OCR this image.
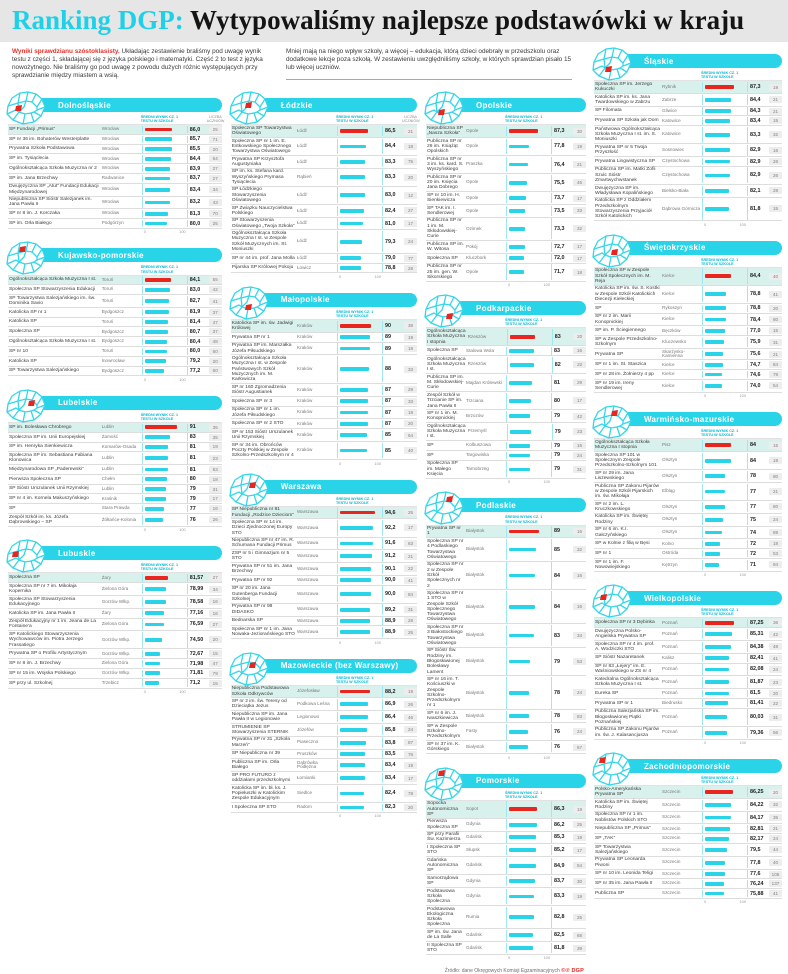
Ranking DGP: Wytypowaliśmy najlepsze podstawówki w kraju
Wyniki sprawdzianu szóstoklasisty. Układając zestawienie braliśmy pod uwagę wynik testu z części 1, składającej się z języka polskiego i matematyki. Część 2 to test z języka nowożytnego. Nie braliśmy go pod uwagę z powodu dużych różnic występujących przy sprawdzianie między miastem a wsią.
Mniej mają na niego wpływ szkoły, a więcej – edukacja, którą dzieci odebrały w przedszkolu oraz dodatkowe lekcje poza szkołą. W zestawieniu uwzględniliśmy szkoły, w których sprawdzian pisało 15 lub więcej uczniów.
Dolnośląskie
ŚREDNI WYNIK CZ. 1 TESTU W SZKOLE
LICZBA UCZNIÓW
SP Fundacji „Primus”	Wrocław	86,0	25
SP nr 36 im. Bohaterów Westerplatte	Wrocław	85,7	71
Prywatna Szkoła Podstawowa	Wrocław	85,5	20
SP im. Tysiąclecia	Wrocław	84,4	64
Ogólnokształcąca Szkoła Muzyczna nr 2	Wrocław	83,9	27
SP im. Jana Brzechwy	Radwanice	83,7	27
Dwujęzyczna SP „Atut” Fundacji Edukacji Międzynarodowej
Wrocław	83,4	34
Niepubliczna SP Sióstr Salezjanek im. Jana Pawła II
Wrocław	83,2	43
SP nr 8 im. J. Korczaka	Wrocław	81,3	70
SP im. Orła Białego	Podgórzyn	80,0	25
0	100
Kujawsko-pomorskie
ŚREDNI WYNIK CZ. 1 TESTU W SZKOLE
Ogólnokształcąca Szkoła Muzyczna I st.	Toruń	84,1	55
Społeczna SP Stowarzyszenia Edukacji	Toruń	83,0	42
SP Towarzystwa Salezjańskiego im. św. Dominika Savio
Toruń	82,7	41
Katolicka SP nr 1	Bydgoszcz	81,9	37
Katolicka SP	Toruń	81,4	47
Społeczna SP	Bydgoszcz	80,7	37
Ogólnokształcąca Szkoła Muzyczna I st.	Bydgoszcz	80,4	48
SP nr 10	Toruń	80,0	60
Katolicka SP	Inowrocław	79,2	20
SP Towarzystwa Salezjańskiego	Bydgoszcz	77,2	60
0	100
Lubelskie
ŚREDNI WYNIK CZ. 1 TESTU W SZKOLE
SP im. Bolesława Chrobrego	Lublin	91	35
Społeczna SP im. Unii Europejskiej	Zamość	83	35
SP im. Henryka Sienkiewicza	Komarów-Osada	81	19
Społeczna SP im. Sebastiana Fabiana Klonowica
Lublin	81	23
Międzynarodowa SP „Paderewski”	Lublin	81	53
Pierwsza Społeczna SP	Chełm	80	18
SP Sióstr Urszulanek Unii Rzymskiej	Lublin	79	31
SP nr 4 im. Kornela Makuszyńskiego	Kraśnik	79	17
SP	Stara Prawda	77	16
Zespół Szkół im. ks. Józefa Dąbrowskiego – SP
Żółtańce-Kolonia	76	26
0	100
Lubuskie
ŚREDNI WYNIK CZ. 1 TESTU W SZKOLE
Społeczna SP	Żary	81,57	27
Społeczna SP nr 7 im. Mikołaja Kopernika
Zielona Góra	78,99	34
Społeczna SP Stowarzyszenia Edukacyjnego
Gorzów Wlkp.	78,58	16
Katolicka SP im. Jana Pawła II	Żary	77,16	16
Zespół Edukacyjny nr 1 im. Jeana de La Fontaine'a
Zielona Góra	76,59	27
SP Katolickiego Stowarzyszenia Wychowawców im. Piotra Jerzego Frassatiego
Gorzów Wlkp.	74,50	20
Prywatna SP o Profilu Artystycznym	Gorzów Wlkp.	72,67	15
SP nr 8 im. J. Brzechwy	Zielona Góra	71,98	47
SP nr 15 im. Wojska Polskiego	Gorzów Wlkp.	71,81	79
SP przy ul. Szkolnej	Trzebicz	71,2	15
0	100
Łódzkie
ŚREDNI WYNIK CZ. 1 TESTU W SZKOLE
LICZBA UCZNIÓW
Społeczna SP Towarzystwa Oświatowego
Łódź	86,5	21
Społeczna SP nr 1 im. E. Estkowskiego Społecznego Towarzystwa Oświatowego
Łódź	84,4	18
Prywatna SP Krzysztofa Augustyniaka
Łódź	83,3	75
SP im. ks. Stefana kard. Wyszyńskiego Prymasa Tysiąclecia
Rąbień	83,3	20
SP Łódzkiego Stowarzyszenia Oświatowego
Łódź	83,0	12
SP Związku Nauczycielstwa Polskiego
Łódź	82,4	27
SP Stowarzyszenia Oświatowego „Twoja Szkoła”
Łódź	81,0	17
Ogólnokształcąca Szkoła Muzyczna I st. w Zespole Szkół Muzycznych im. St. Moniuszki
Łódź	79,3	24
SP nr 44 im. prof. Jana Molla Łódź	79,0	77
Pijarska SP Królowej Pokoju Łowicz	78,8	28
0	100
Małopolskie
ŚREDNI WYNIK CZ. 1 TESTU W SZKOLE
Katolicka SP im. św. Jadwigi Królowej
Kraków	90	38
Prywatna SP nr 1	Kraków	89	19
Prywatna SP im. Marszałka Józefa Piłsudskiego
Kraków	89	18
Ogólnokształcąca Szkoła Muzyczna I st. w Zespole Państwowych Szkół Muzycznych im. M. Karłowicza
Kraków	88	33
SP nr 160 Zgromadzenia Sióstr Augustianek
Kraków	87	29
Społeczna SP nr 3	Kraków	87	33
Społeczna SP nr 1 im. Józefa Piłsudskiego
Kraków	87	18
Społeczna SP nr 2 STO	Kraków	87	20
SP nr 153 Sióstr Urszulanek Unii Rzymskiej
Kraków	85	64
SP nr 34 im. Obrońców Poczty Polskiej w Zespole Szkolno-Przedszkolnym nr 4
Kraków	85	40
0	100
Warszawa
ŚREDNI WYNIK CZ. 1 TESTU W SZKOLE
SP Niepubliczna nr 81 Fundacji „Rodzice Dzieciom”
Warszawa	94,6	25
Społeczna SP nr 14 im. Dzieci Zjednoczonej Europy STO
Warszawa	92,2	17
Niepubliczna SP nr 47 im. R. Schumana Fundacji Primus
Warszawa	91,6	63
ZSP nr 5 i Gimnazjum nr 5 STO
Warszawa	91,2	21
Prywatna SP nr 51 im. Jana Brzechwy
Warszawa	90,1	22
Prywatna SP nr 92	Warszawa	90,0	41
SP nr 20 im. Jana Gutenberga Fundacji Szkolnej
Warszawa	90,0	84
Prywatna SP nr 98 DIDASKO
Warszawa	89,2	31
Bednarska SP	Warszawa	88,9	28
Społeczna SP nr 1 im. Jana Nowaka-Jeziorańskiego STO
Warszawa	88,9	25
0	100
Mazowieckie (bez Warszawy)
ŚREDNI WYNIK CZ. 1 TESTU W SZKOLE
Niepubliczna Podstawowa Szkoła Odkrywców
Józefosław	88,2	19
SP nr 2 im. św. Teresy od Dzieciątka Jezus
Podkowa Leśna	86,9	26
Niepubliczna SP im. Jana Pawła II w Legionowie
Legionowo	86,4	46
STRUMIENIE SP Stowarzyszenia STERNIK
Józefów	85,8	24
Prywatna SP nr 31 „Szkoła Marzeń”
Piaseczno	83,8	87
SP Niepubliczna nr 39	Pruszków	83,5	76
Publiczna SP im. Orła Białego
Dąbrówka Podłężna	83,4	19
SP PRO FUTURO z oddziałami przedszkolnymi
Łomianki	83,4	17
Katolicka SP im. bł. ks. J. Popiełuszki w Katolickim Zespole Edukacyjnym
Siedlce	82,4	78
I Społeczna SP STO	Radom	82,3	20
0	100
Opolskie
ŚREDNI WYNIK CZ. 1 TESTU W SZKOLE
Niepubliczna SP „Nasza Szkoła”
Opole	87,3	30
Publiczna SP nr 26 im. Książąt Opolskich
Opole	77,8	19
Publiczna SP nr 3 im. ks. kard. S. Wyszyńskiego
Praszka	76,4	21
Publiczna SP nr 20 im. Księcia Jana Dobrego
Opole	75,5	45
SP nr 10 im. H. Sienkiewicza
Opole	73,7	17
SP TAK im. I. Sendlerowej
Opole	73,5	33
Publiczna SP nr 1 im. M. Skłodowskiej-Curie
Ozimek	73,3	32
Publiczna SP im. W. Witosa
Pokój	72,7	17
Społeczna SP	Kluczbork	72,0	17
Publiczna SP nr 25 im. gen. W. Sikorskiego
Opole	71,7	18
0	100
Podkarpackie
ŚREDNI WYNIK CZ. 1 TESTU W SZKOLE
Ogólnokształcąca Szkoła Muzyczna I stopnia
Rzeszów	83	20
Społeczna SP	Stalowa Wola	83	16
Ogólnokształcąca Szkoła Muzyczna I st.
Rzeszów	82	22
Publiczna SP im. M. Skłodowskiej-Curie
Majdan Królewski	81	29
Zespół Szkół w Trzcianie SP im. Jana Pawła II
Trzciana	80	17
SP nr 1 im. M. Konopnickiej
Brzozów	79	42
Ogólnokształcąca Szkoła Muzyczna I st.
Przemyśl	79	23
SP	Kolbuszowa	79	16
SP	Targowiska	79	24
Społeczna SP im. Małego Księcia
Tarnobrzeg	79	31
0	100
Podlaskie
ŚREDNI WYNIK CZ. 1 TESTU W SZKOLE
Prywatna SP nr 1
Białystok	89	16
Społeczna SP nr 4 Podlaskiego Towarzystwa Oświatowego
Białystok	85	32
Społeczna SP nr 2 w Zespole Szkół Społecznych nr 2
Białystok	84	16
Społeczna SP nr 1 STO w Zespole Szkół Społecznego Towarzystwa Oświatowego
Białystok	84	16
Społeczna SP nr 3 Białostockiego Towarzystwa Oświatowego
Białystok	83	34
SP Sióstr Św. Rodziny im. Błogosławionej Bolesławy Lament
Białystok	79	53
SP nr 16 im. T. Kościuszki w Zespole Szkolno-Przedszkolnym nr 1
Białystok	78	24
SP nr 6 im. J. Iwaszkiewicza
Białystok	78	83
SP w Zespole Szkolno-Przedszkolnym
Fasty	76	24
SP nr 37 im. K. Górskiego
Białystok	76	67
0	100
Pomorskie
ŚREDNI WYNIK CZ. 1 TESTU W SZKOLE
Sopocka Autonomiczna SP
Sopot	86,3	19
Pierwsza Społeczna SP
Gdynia	86,2	25
SP przy Parafii Św. Kazimierza
Gdańsk	85,3	19
I Społeczna SP STO
Słupsk	85,2	17
Gdańska Autonomiczna SP
Gdańsk	84,9	54
Samorządowa SP
Gdynia	83,7	30
Podstawowa Szkoła Społeczna
Gdynia	83,3	19
Podstawowa Ekologiczna Szkoła Społeczna
Rumia	82,8	25
SP im. św. Jana de La Salle
Gdańsk	82,5	68
II Społeczna SP STO
Gdańsk	81,8	39
0	100
Źródło: dane Okręgowych Komisji Egzaminacyjnych ©℗ DGP
Śląskie
ŚREDNI WYNIK CZ. 1 TESTU W SZKOLE
Społeczna SP im. Jerzego Kukuczki
Rybnik	87,3	19
Katolicka SP im. ks. Jana Twardowskiego w Zabrzu
Zabrze	84,4	21
SP Filomata	Gliwice	84,3	21
Prywatna SP Szkoła jak Dom Katowice	83,4	15
Państwowa Ogólnokształcąca Szkoła Muzyczna I st. im. S. Moniuszki
Katowice	83,3	32
Prywatna SP nr 5 Twoja Przyszłość
Sosnowiec	82,9	16
Prywatna Lingwistyczna SP	Częstochowa	82,9	26
Publiczna SP im. Matki Zofii Szulc Sióstr Zmartwychwstanek
Częstochowa	82,9	26
Dwujęzyczna SP im. Władysława Kopalińskiego
Bielsko-Biała	82,1	28
Katolicka SP z Oddziałem Przedszkolnym Stowarzyszenia Przyjaciół Szkół Katolickich
Dąbrowa Górnicza	81,8	15
0	100
Świętokrzyskie
ŚREDNI WYNIK CZ. 1 TESTU W SZKOLE
Społeczna SP w Zespole Szkół Społecznych im. M. Reja
Kielce	84,4	40
Katolicka SP im. św. S. Kostki w Zespole Szkół Katolickich Diecezji Kieleckiej
Kielce	78,8	41
SP	Rykoszyn	78,8	20
SP nr 2 im. Marii Konopnickiej
Kielce	78,4	80
SP im. P. Ściegiennego	Bęczków	77,0	15
SP w Zespole Przedszkolno-Szkolnym
Kluczewsko	75,9	31
Prywatna SP
Skarżysko-Kamienna	75,6	21
SP nr 1 im. St. Staszica	Kielce	74,7	84
SP nr 28 im. Żołnierzy 4 pp	Kielce	74,6	79
SP nr 19 im. Ireny Sendlerowej
Kielce	74,0	54
0	100
Warmińsko-mazurskie
ŚREDNI WYNIK CZ. 1 TESTU W SZKOLE
Ogólnokształcąca Szkoła Muzyczna I stopnia
Pisz	84	15
Społeczna SP 101 w Społecznym Zespole Przedszkolno-Szkolnym 101
Olsztyn	84	19
SP nr 29 im. Jana Liszewskiego
Olsztyn	78	80
Publiczna SP Zakonu Pijarów w Zespole Szkół Pijarskich im. św. Mikołaja
Elbląg	77	21
SP nr 2 im. L. Kruczkowskiego
Olsztyn	77	60
Katolicka SP im. Świętej Rodziny
Olsztyn	75	24
SP nr 6 im. K.I. Gałczyńskiego
Olsztyn	74	89
SP w Kolnie z filią w Bęsi	Kolno	72	18
SP nr 1	Ostróda	72	53
SP nr 1 im. F. Nowowiejskiego
Kętrzyn	71	94
0	100
Wielkopolskie
ŚREDNI WYNIK CZ. 1 TESTU W SZKOLE
Społeczna SP nr 3 Dębinka	Poznań	87,25	36
Dwujęzyczna Polsko-Angielska Prywatna SP
Poznań	85,31	42
Społeczna SP nr 4 im. prof. A. Wodziczki STO
Poznań	84,38	48
SP Sióstr Nazaretanek	Kalisz	82,41	41
SP nr 83 „Łejery” im. E. Waśniowskiego w ZS nr 4
Poznań	82,08	24
Katedralna Ogólnokształcąca Szkoła Muzyczna I st.
Poznań	81,87	23
Eureka SP	Poznań	81,5	20
Prywatna SP nr 1	Biedrusko	81,41	22
Publiczna Salezjańska SP im. Błogosławionej Piątki Poznańskiej
Poznań	80,03	31
Publiczna SP Zakonu Pijarów im. św. J. Kalasancjusza
Poznań	79,36	56
0	100
Zachodniopomorskie
ŚREDNI WYNIK CZ. 1 TESTU W SZKOLE
Polsko-Amerykańska Prywatna SP
Szczecin	86,25	20
Katolicka SP im. Świętej Rodziny
Szczecin	84,22	32
Społeczna SP nr 1 im. Noblistów Polskich STO
Szczecin	84,17	35
Niepubliczna SP „Primus”	Szczecin	82,81	21
SP „TAK”	Szczecin	82,17	24
SP Towarzystwa Salezjańskiego
Szczecin	79,5	44
Prywatna SP Leonarda Piwoni
Szczecin	77,8	40
SP nr 10 im. Leonida Teligi	Szczecin	77,6	105
SP nr 35 im. Jana Pawła II	Szczecin	76,24	137
Publiczna SP	Szczecin	75,88	41
0	100
